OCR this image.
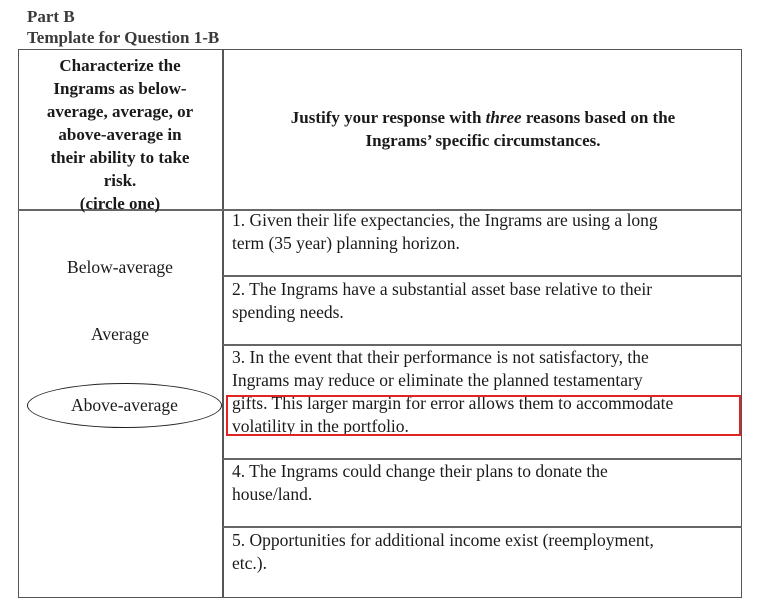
Part B
Template for Question 1-B
Characterize the
Ingrams as below-
average, average, or
above-average in
their ability to take
risk.
(circle one)
Justify your response with three reasons based on the
Ingrams’ specific circumstances.
Below-average
Average
Above-average
1. Given their life expectancies, the Ingrams are using a long
term (35 year) planning horizon.
2. The Ingrams have a substantial asset base relative to their
spending needs.
3. In the event that their performance is not satisfactory, the
Ingrams may reduce or eliminate the planned testamentary
gifts. This larger margin for error allows them to accommodate
volatility in the portfolio.
4. The Ingrams could change their plans to donate the
house/land.
5. Opportunities for additional income exist (reemployment,
etc.).
